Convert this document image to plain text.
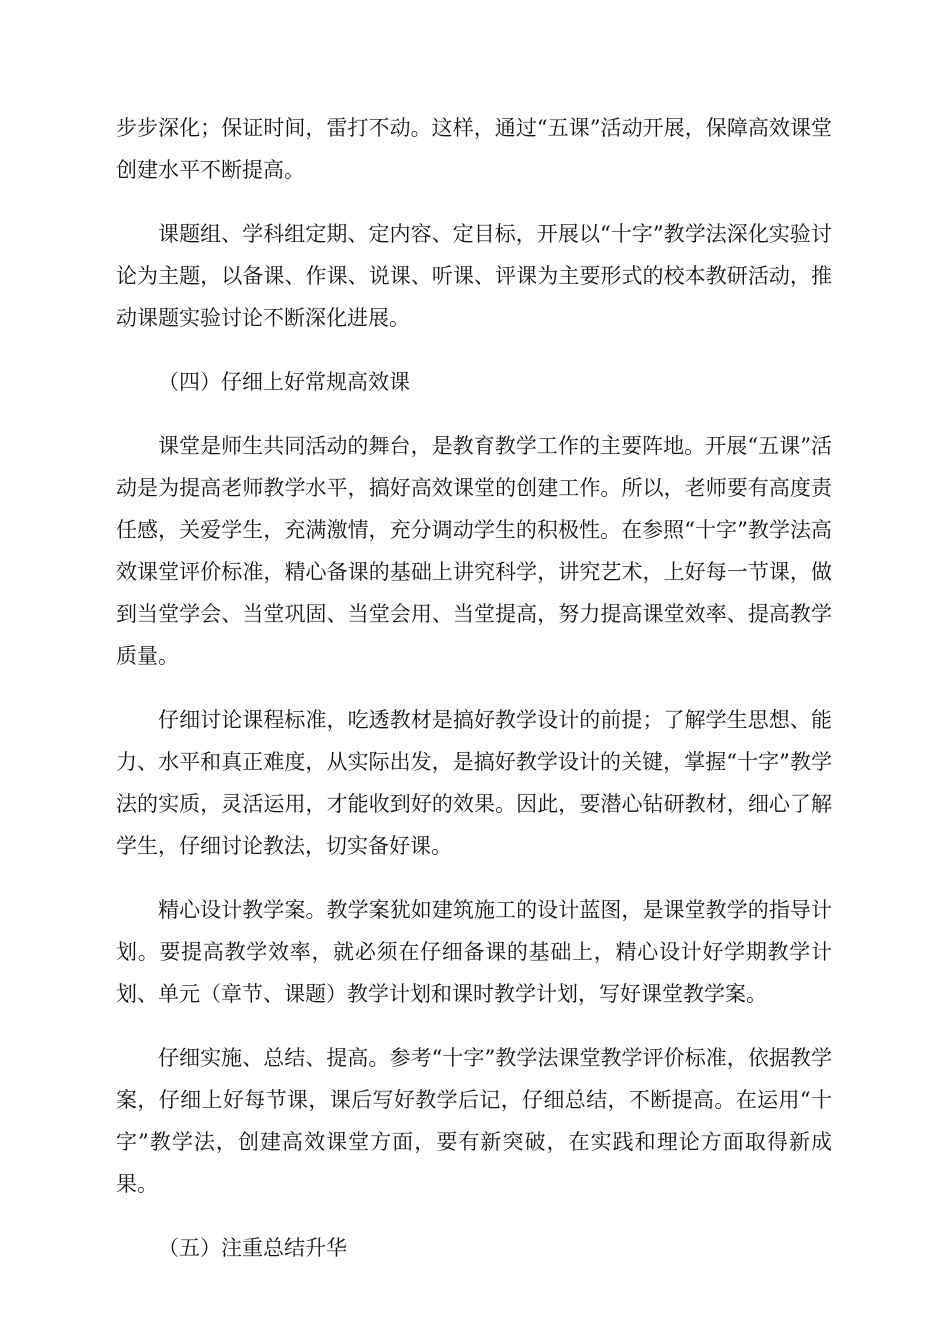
步步深化；保证时间，雷打不动。这样，通过“五课”活动开展，保障高效课堂创建水平不断提高。

课题组、学科组定期、定内容、定目标，开展以“十字”教学法深化实验讨论为主题，以备课、作课、说课、听课、评课为主要形式的校本教研活动，推动课题实验讨论不断深化进展。

（四）仔细上好常规高效课

课堂是师生共同活动的舞台，是教育教学工作的主要阵地。开展“五课”活动是为提高老师教学水平，搞好高效课堂的创建工作。所以，老师要有高度责任感，关爱学生，充满激情，充分调动学生的积极性。在参照“十字”教学法高效课堂评价标准，精心备课的基础上讲究科学，讲究艺术，上好每一节课，做到当堂学会、当堂巩固、当堂会用、当堂提高，努力提高课堂效率、提高教学质量。

仔细讨论课程标准，吃透教材是搞好教学设计的前提；了解学生思想、能力、水平和真正难度，从实际出发，是搞好教学设计的关键，掌握“十字”教学法的实质，灵活运用，才能收到好的效果。因此，要潜心钻研教材，细心了解学生，仔细讨论教法，切实备好课。

精心设计教学案。教学案犹如建筑施工的设计蓝图，是课堂教学的指导计划。要提高教学效率，就必须在仔细备课的基础上，精心设计好学期教学计划、单元（章节、课题）教学计划和课时教学计划，写好课堂教学案。

仔细实施、总结、提高。参考“十字”教学法课堂教学评价标准，依据教学案，仔细上好每节课，课后写好教学后记，仔细总结，不断提高。在运用“十字”教学法，创建高效课堂方面，要有新突破，在实践和理论方面取得新成果。

（五）注重总结升华
